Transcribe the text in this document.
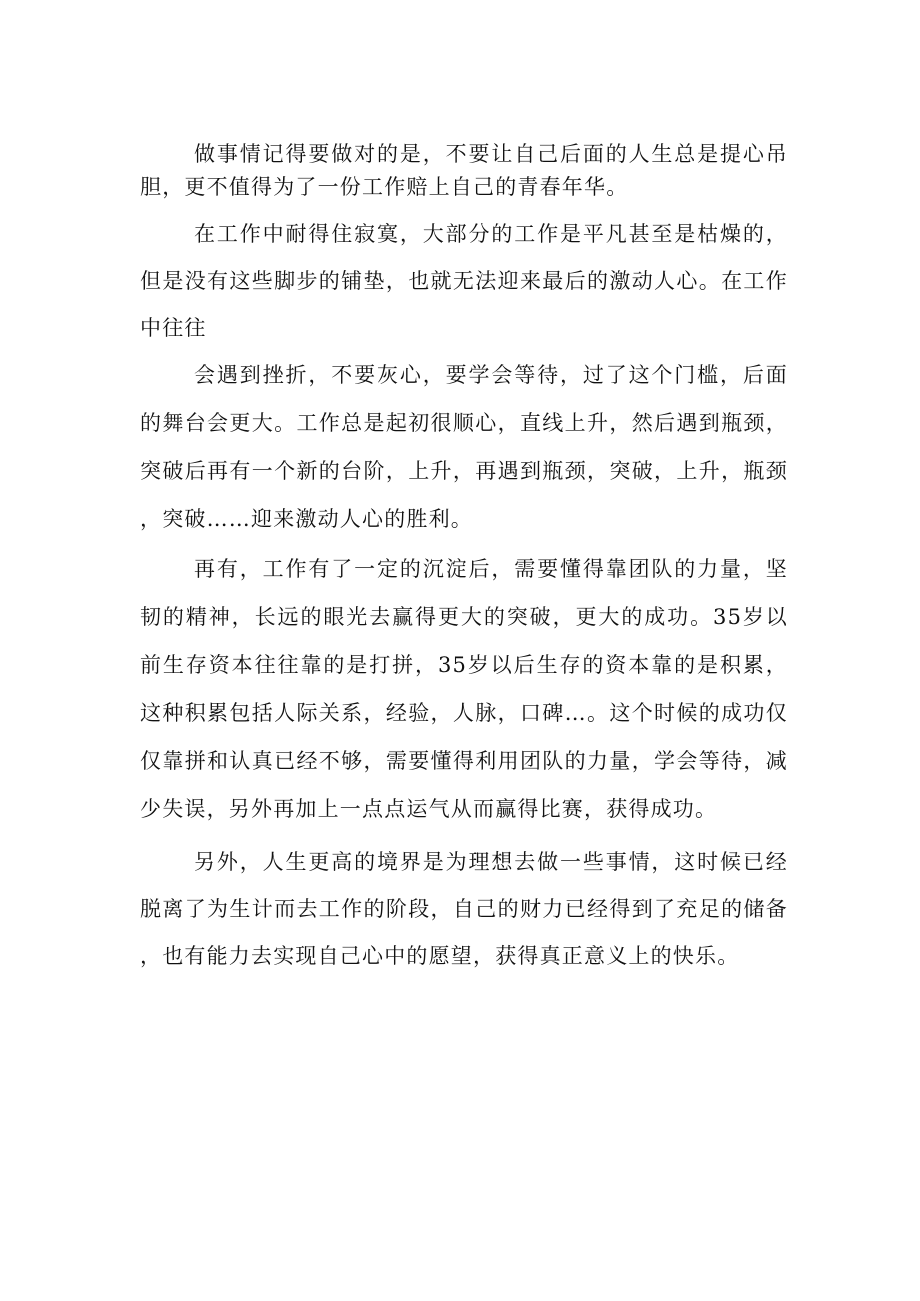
做事情记得要做对的是，不要让自己后面的人生总是提心吊胆，更不值得为了一份工作赔上自己的青春年华。

在工作中耐得住寂寞，大部分的工作是平凡甚至是枯燥的，但是没有这些脚步的铺垫，也就无法迎来最后的激动人心。在工作中往往

会遇到挫折，不要灰心，要学会等待，过了这个门槛，后面的舞台会更大。工作总是起初很顺心，直线上升，然后遇到瓶颈，突破后再有一个新的台阶，上升，再遇到瓶颈，突破，上升，瓶颈，突破……迎来激动人心的胜利。

再有，工作有了一定的沉淀后，需要懂得靠团队的力量，坚韧的精神，长远的眼光去赢得更大的突破，更大的成功。35岁以前生存资本往往靠的是打拼，35岁以后生存的资本靠的是积累，这种积累包括人际关系，经验，人脉，口碑…。这个时候的成功仅仅靠拼和认真已经不够，需要懂得利用团队的力量，学会等待，减少失误，另外再加上一点点运气从而赢得比赛，获得成功。

另外，人生更高的境界是为理想去做一些事情，这时候已经脱离了为生计而去工作的阶段，自己的财力已经得到了充足的储备，也有能力去实现自己心中的愿望，获得真正意义上的快乐。
